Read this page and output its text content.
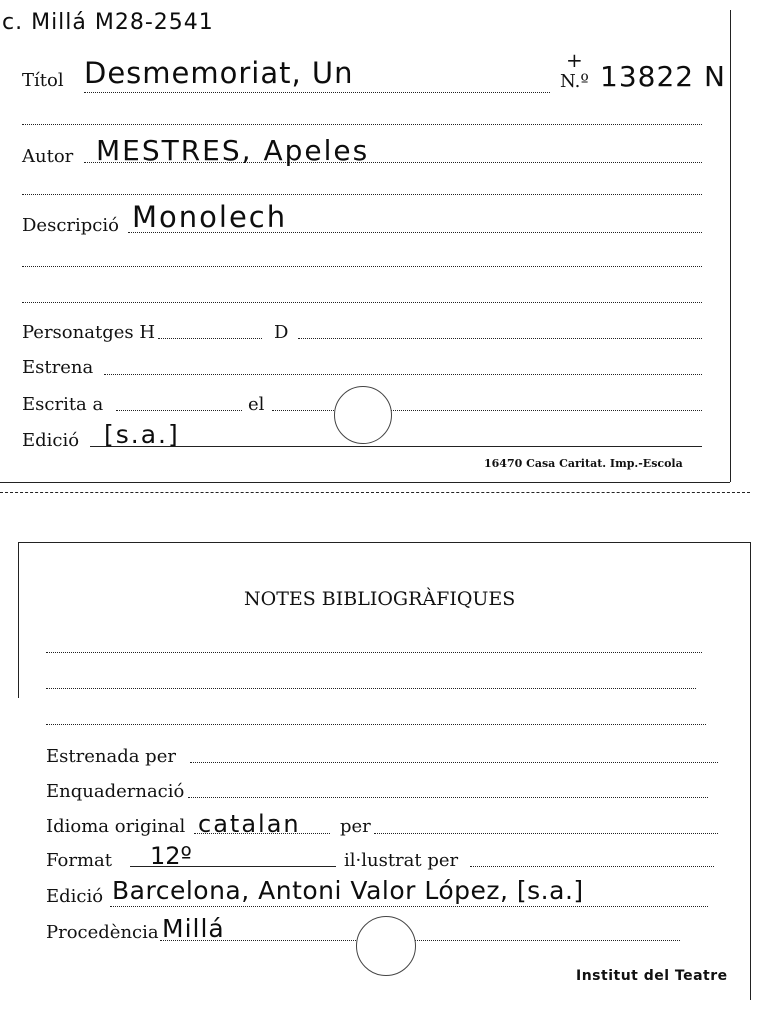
c. Millá M28-2541
Títol Desmemoriat, Un	N.º 13822 N
+
Autor MESTRES, Apeles
Descripció Monolech
Personatges H	D
Estrena
Escrita a	el
Edició [s.a.]
16470 Casa Caritat. Imp.-Escola
NOTES BIBLIOGRÀFIQUES
Estrenada per
Enquadernació
Idioma original catalan per
Format 12º	il·lustrat per
Edició Barcelona, Antoni Valor López, [s.a.]
Procedència Millá
Institut del Teatre
